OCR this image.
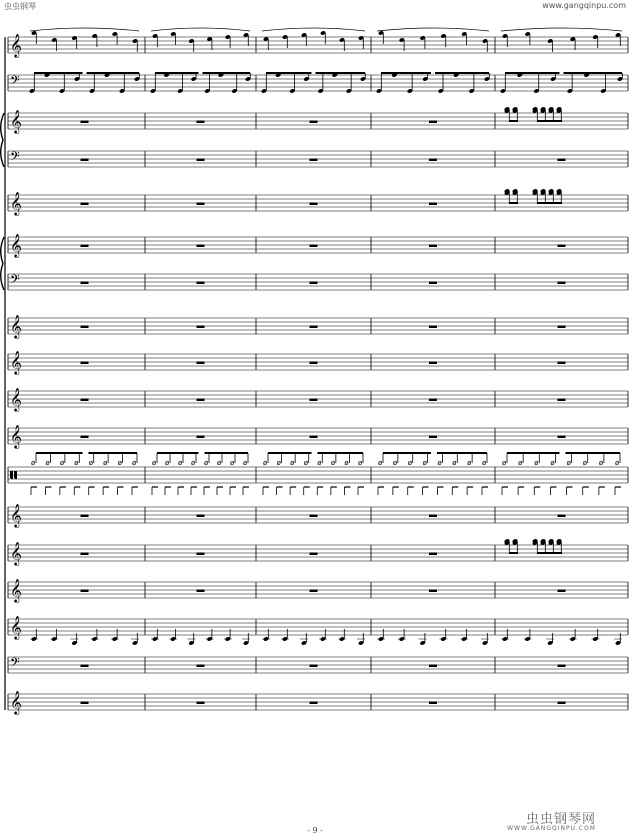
虫虫钢琴	www.gangqinpu.com
𝄞
𝄢
𝄞
𝄢
𝄞
𝄞
𝄢
𝄞
𝄞
𝄞
𝄞
ø ø ø ø ø ø ø ø ø ø ø ø ø ø ø ø ø ø ø ø ø ø ø ø ø ø ø ø ø ø ø ø ø ø ø ø ø ø ø ø
𝄞
𝄞
𝄞
𝄞
𝄢
𝄞
- 9 -
虫虫钢琴网
WWW.GANGQINPU.COM
